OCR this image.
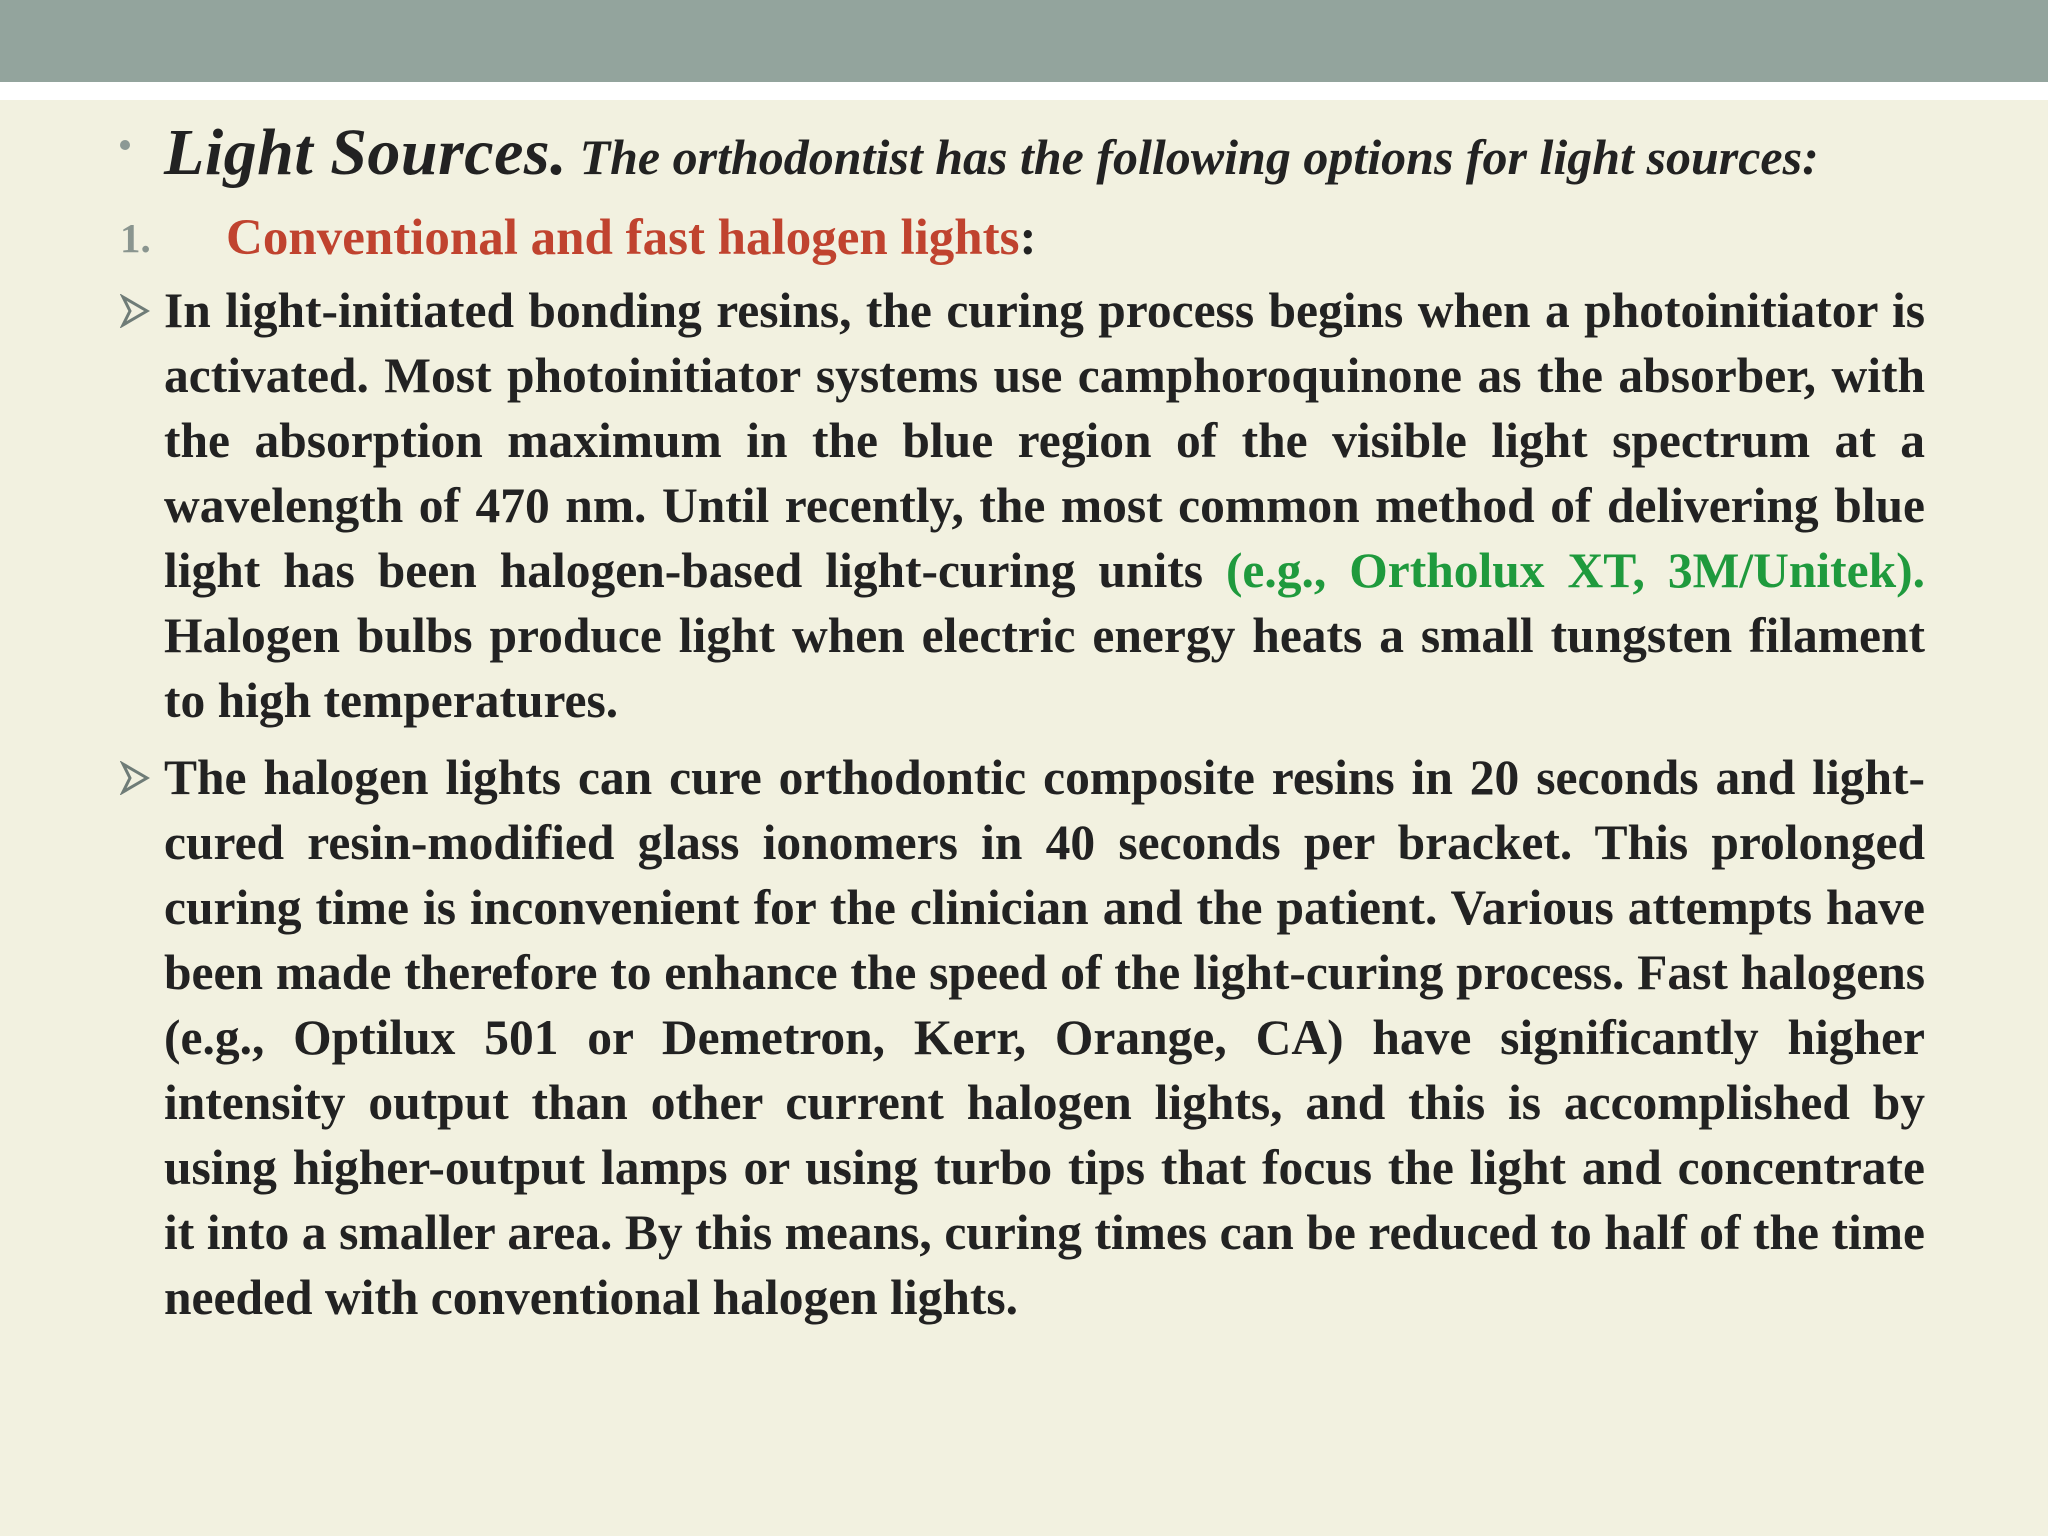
Light Sources. The orthodontist has the following options for light sources:
1. Conventional and fast halogen lights:
In light-initiated bonding resins, the curing process begins when a photoinitiator is activated. Most photoinitiator systems use camphoroquinone as the absorber, with the absorption maximum in the blue region of the visible light spectrum at a wavelength of 470 nm. Until recently, the most common method of delivering blue light has been halogen-based light-curing units (e.g., Ortholux XT, 3M/Unitek). Halogen bulbs produce light when electric energy heats a small tungsten filament to high temperatures.
The halogen lights can cure orthodontic composite resins in 20 seconds and light-cured resin-modified glass ionomers in 40 seconds per bracket. This prolonged curing time is inconvenient for the clinician and the patient. Various attempts have been made therefore to enhance the speed of the light-curing process. Fast halogens (e.g., Optilux 501 or Demetron, Kerr, Orange, CA) have significantly higher intensity output than other current halogen lights, and this is accomplished by using higher-output lamps or using turbo tips that focus the light and concentrate it into a smaller area. By this means, curing times can be reduced to half of the time needed with conventional halogen lights.
